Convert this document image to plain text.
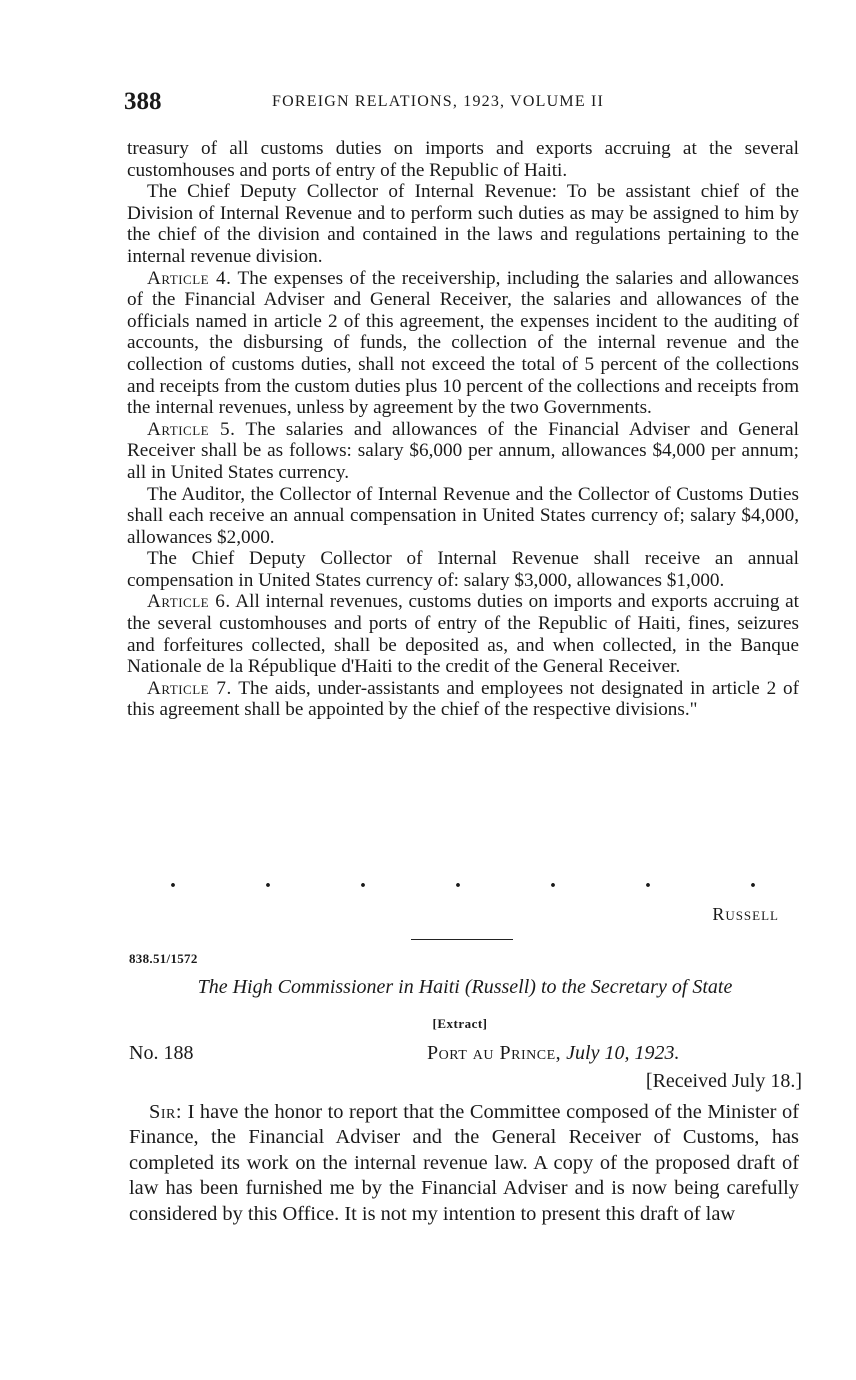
388	FOREIGN RELATIONS, 1923, VOLUME II

treasury of all customs duties on imports and exports accruing at the several customhouses and ports of entry of the Republic of Haiti.

The Chief Deputy Collector of Internal Revenue: To be assistant chief of the Division of Internal Revenue and to perform such duties as may be assigned to him by the chief of the division and contained in the laws and regulations pertaining to the internal revenue division.

Article 4. The expenses of the receivership, including the salaries and allowances of the Financial Adviser and General Receiver, the salaries and allowances of the officials named in article 2 of this agreement, the expenses incident to the auditing of accounts, the disbursing of funds, the collection of the internal revenue and the collection of customs duties, shall not exceed the total of 5 percent of the collections and receipts from the custom duties plus 10 percent of the collections and receipts from the internal revenues, unless by agreement by the two Governments.

Article 5. The salaries and allowances of the Financial Adviser and General Receiver shall be as follows: salary $6,000 per annum, allowances $4,000 per annum; all in United States currency.

The Auditor, the Collector of Internal Revenue and the Collector of Customs Duties shall each receive an annual compensation in United States currency of; salary $4,000, allowances $2,000.

The Chief Deputy Collector of Internal Revenue shall receive an annual compensation in United States currency of: salary $3,000, allowances $1,000.

Article 6. All internal revenues, customs duties on imports and exports accruing at the several customhouses and ports of entry of the Republic of Haiti, fines, seizures and forfeitures collected, shall be deposited as, and when collected, in the Banque Nationale de la République d'Haiti to the credit of the General Receiver.

Article 7. The aids, under-assistants and employees not designated in article 2 of this agreement shall be appointed by the chief of the respective divisions."

.	.	.	.	.	.	.
Russell
838.51/1572
The High Commissioner in Haiti (Russell) to the Secretary of State
[Extract]
No. 188	Port au Prince, July 10, 1923.
[Received July 18.]

Sir: I have the honor to report that the Committee composed of the Minister of Finance, the Financial Adviser and the General Receiver of Customs, has completed its work on the internal revenue law. A copy of the proposed draft of law has been furnished me by the Financial Adviser and is now being carefully considered by this Office. It is not my intention to present this draft of law
